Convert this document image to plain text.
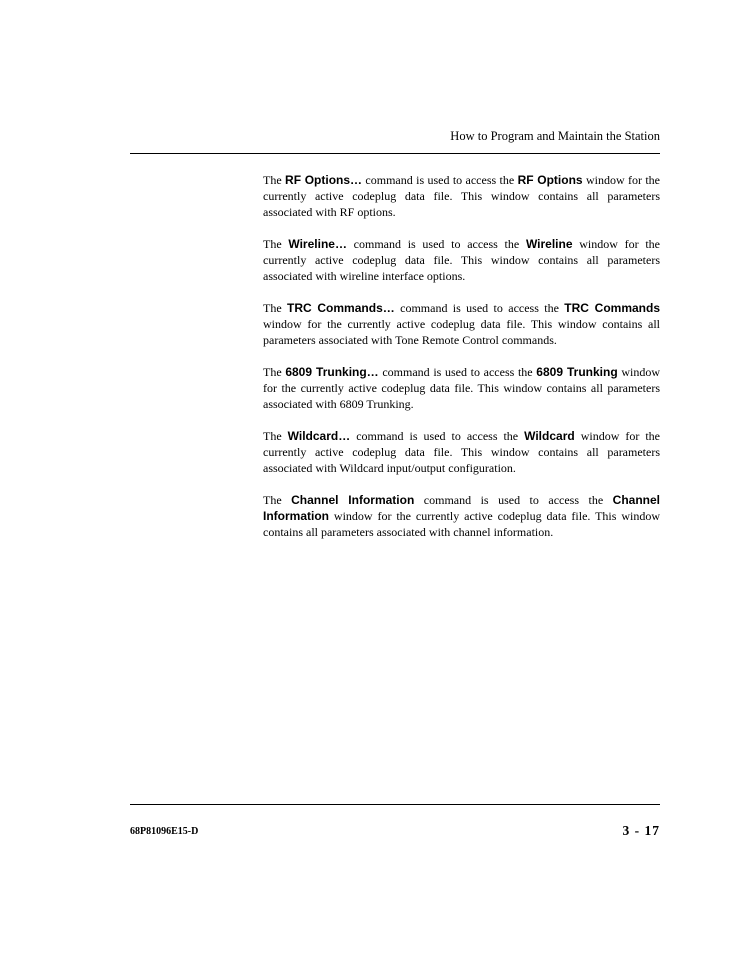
How to Program and Maintain the Station

The RF Options… command is used to access the RF Options window for the currently active codeplug data file. This window contains all parameters associated with RF options.

The Wireline… command is used to access the Wireline window for the currently active codeplug data file. This window contains all parameters associated with wireline interface options.

The TRC Commands… command is used to access the TRC Commands window for the currently active codeplug data file. This window contains all parameters associated with Tone Remote Control commands.

The 6809 Trunking… command is used to access the 6809 Trunking window for the currently active codeplug data file. This window contains all parameters associated with 6809 Trunking.

The Wildcard… command is used to access the Wildcard window for the currently active codeplug data file. This window contains all parameters associated with Wildcard input/output configuration.

The Channel Information command is used to access the Channel Information window for the currently active codeplug data file. This window contains all parameters associated with channel information.

68P81096E15-D	3 - 17
